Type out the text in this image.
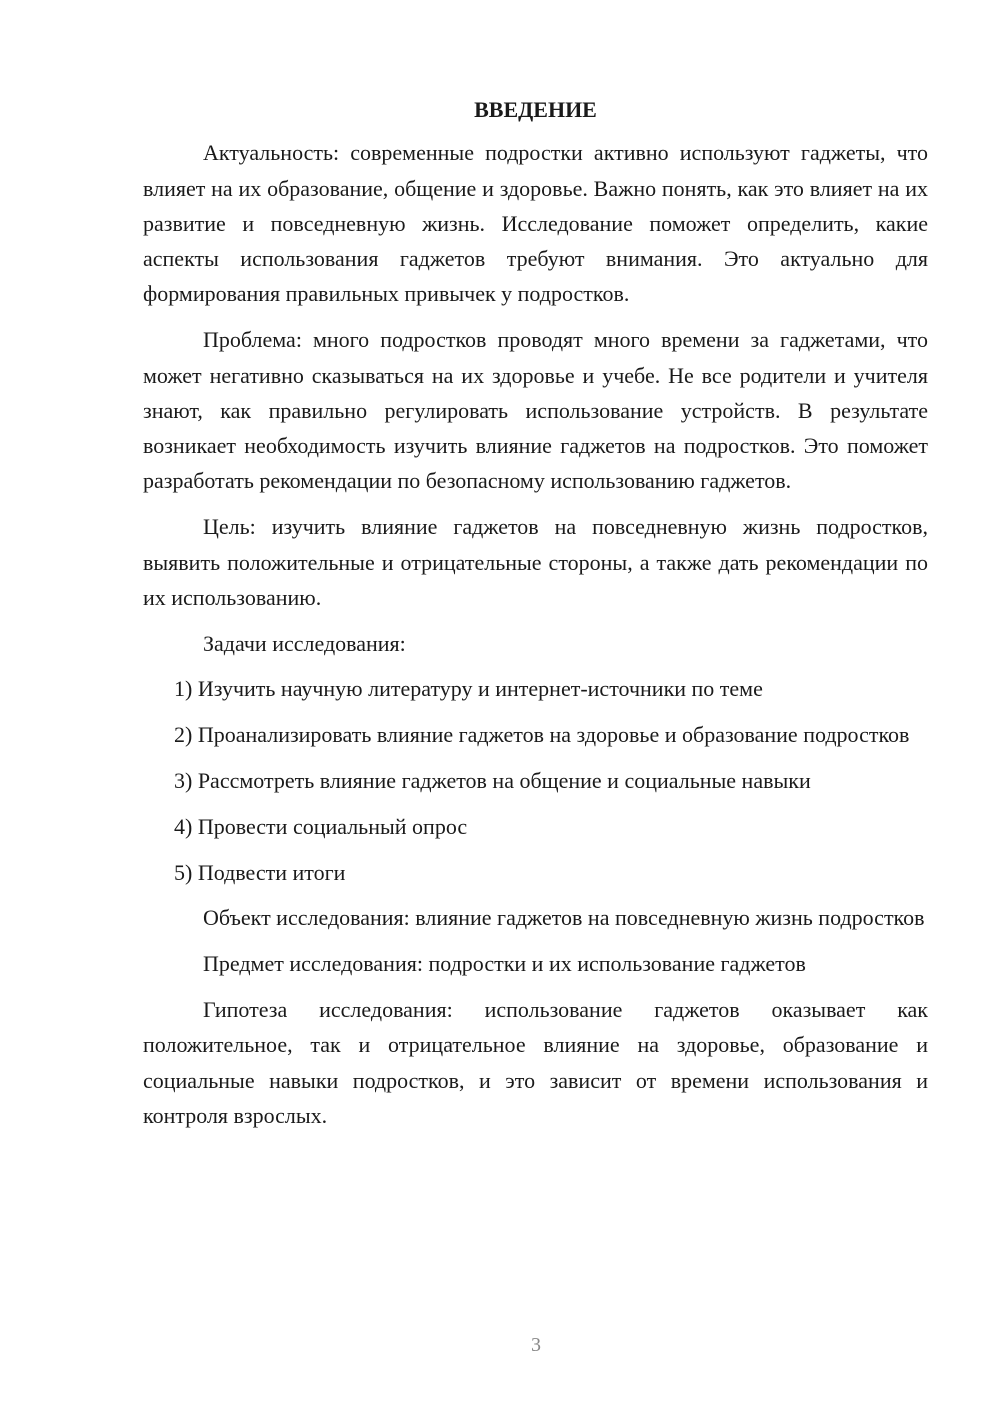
ВВЕДЕНИЕ
Актуальность: современные подростки активно используют гаджеты, что влияет на их образование, общение и здоровье. Важно понять, как это влияет на их развитие и повседневную жизнь. Исследование поможет определить, какие аспекты использования гаджетов требуют внимания. Это актуально для формирования правильных привычек у подростков.
Проблема: много подростков проводят много времени за гаджетами, что может негативно сказываться на их здоровье и учебе. Не все родители и учителя знают, как правильно регулировать использование устройств. В результате возникает необходимость изучить влияние гаджетов на подростков. Это поможет разработать рекомендации по безопасному использованию гаджетов.
Цель: изучить влияние гаджетов на повседневную жизнь подростков, выявить положительные и отрицательные стороны, а также дать рекомендации по их использованию.
Задачи исследования:
1) Изучить научную литературу и интернет-источники по теме
2) Проанализировать влияние гаджетов на здоровье и образование подростков
3) Рассмотреть влияние гаджетов на общение и социальные навыки
4) Провести социальный опрос
5) Подвести итоги
Объект исследования: влияние гаджетов на повседневную жизнь подростков
Предмет исследования: подростки и их использование гаджетов
Гипотеза исследования: использование гаджетов оказывает как положительное, так и отрицательное влияние на здоровье, образование и социальные навыки подростков, и это зависит от времени использования и контроля взрослых.
3
